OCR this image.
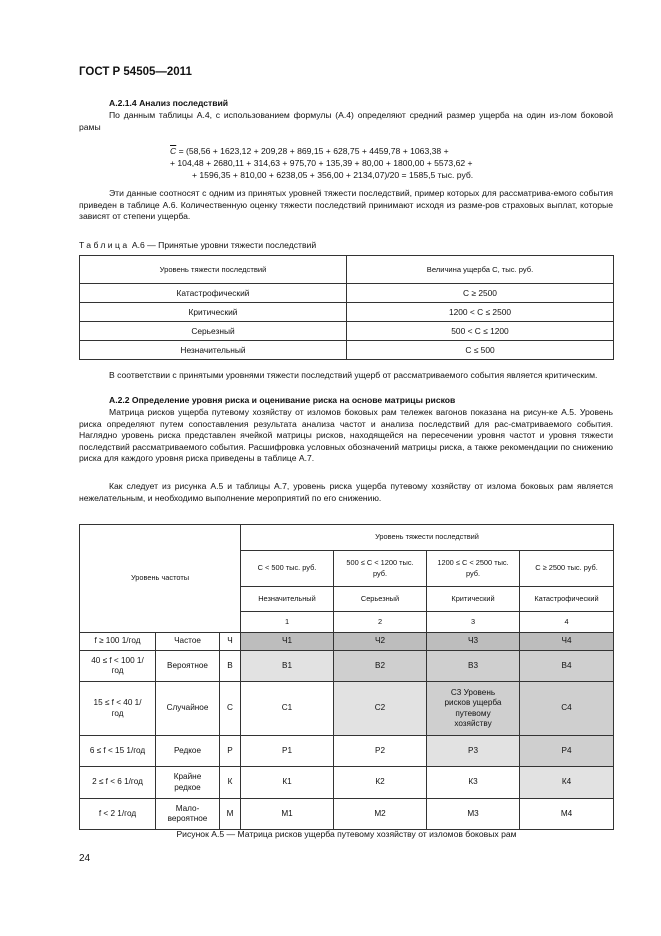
ГОСТ Р 54505—2011
А.2.1.4 Анализ последствий
По данным таблицы А.4, с использованием формулы (А.4) определяют средний размер ущерба на один из-лом боковой рамы
$\overline{C} = (58,56 + 1623,12 + 209,28 + 869,15 + 628,75 + 4459,78 + 1063,38$ +
+ 104,48 + 2680,11 + 314,63 + 975,70 + 135,39 + 80,00 + 1800,00 + 5573,62 +
+ 1596,35 + 810,00 + 6238,05 + 356,00 + 2134,07)/20 = 1585,5 тыс. руб.
Эти данные соотносят с одним из принятых уровней тяжести последствий, пример которых для рассматрива-емого события приведен в таблице А.6. Количественную оценку тяжести последствий принимают исходя из разме-ров страховых выплат, которые зависят от степени ущерба.
Таблица А.6 — Принятые уровни тяжести последствий
Уровень тяжести последствий	Величина ущерба С, тыс. руб.
Катастрофический	С ≥ 2500
Критический	1200 < С ≤ 2500
Серьезный	500 < С ≤ 1200
Незначительный	С ≤ 500
В соответствии с принятыми уровнями тяжести последствий ущерб от рассматриваемого события является критическим.
А.2.2 Определение уровня риска и оценивание риска на основе матрицы рисков
Матрица рисков ущерба путевому хозяйству от изломов боковых рам тележек вагонов показана на рисун-ке А.5. Уровень риска определяют путем сопоставления результата анализа частот и анализа последствий для рас-сматриваемого события. Наглядно уровень риска представлен ячейкой матрицы рисков, находящейся на пересечении уровня частот и уровня тяжести последствий рассматриваемого события. Расшифровка условных обозначений матрицы риска, а также рекомендации по снижению риска для каждого уровня риска приведены в таблице А.7.
Как следует из рисунка А.5 и таблицы А.7, уровень риска ущерба путевому хозяйству от излома боковых рам является нежелательным, и необходимо выполнение мероприятий по его снижению.
Уровень частоты			Уровень тяжести последствий			
			С < 500 тыс. руб.	500 ≤ С < 1200 тыс. руб.	1200 ≤ С < 2500 тыс. руб.	С ≥ 2500 тыс. руб.
			Незначительный	Серьезный	Критический	Катастрофический
			1	2	3	4
f ≥ 100 1/год	Частое	Ч	Ч1	Ч2	Ч3	Ч4
40 ≤ f < 100 1/год	Вероятное	В	В1	В2	В3	В4
15 ≤ f < 40 1/год	Случайное	С	С1	С2	С3 Уровень рисков ущерба путевому хозяйству	С4
6 ≤ f < 15 1/год	Редкое	Р	Р1	Р2	Р3	Р4
2 ≤ f < 6 1/год	Крайне редкое	К	К1	К2	К3	К4
f < 2 1/год	Мало-вероятное	М	М1	М2	М3	М4
Рисунок А.5 — Матрица рисков ущерба путевому хозяйству от изломов боковых рам
24
